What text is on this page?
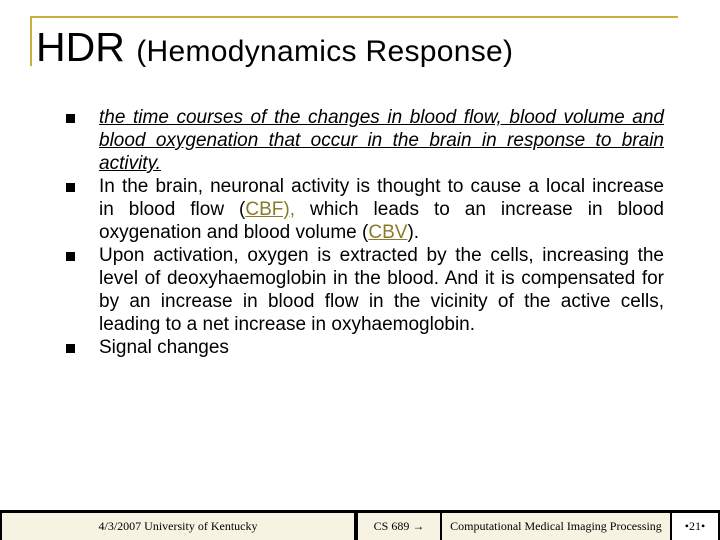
HDR (Hemodynamics Response)
the time courses of the changes in blood flow, blood volume and blood oxygenation that occur in the brain in response to brain activity.
In the brain, neuronal activity is thought to cause a local increase in blood flow (CBF), which leads to an increase in blood oxygenation and blood volume (CBV).
Upon activation, oxygen is extracted by the cells, increasing the level of deoxyhaemoglobin in the blood. And it is compensated for by an increase in blood flow in the vicinity of the active cells, leading to a net increase in oxyhaemoglobin.
Signal changes
4/3/2007 University of Kentucky	CS 689 → Computational Medical Imaging Processing •21•
